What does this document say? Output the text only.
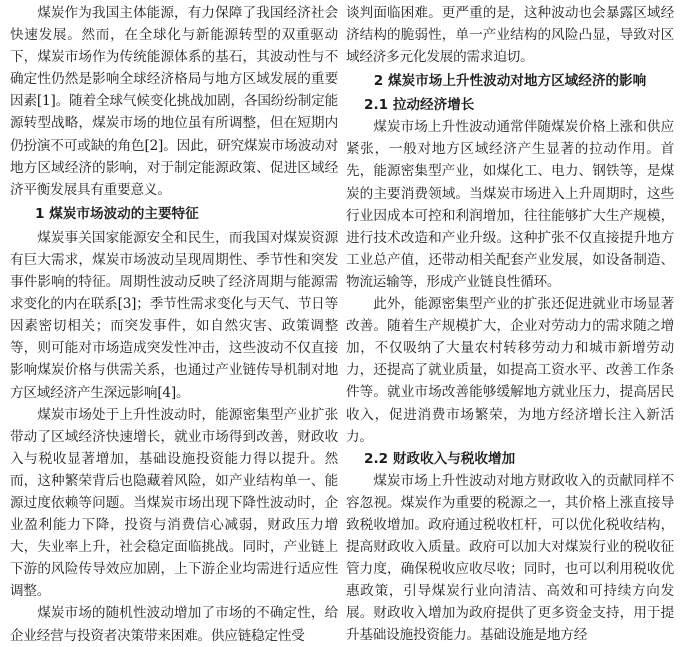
煤炭作为我国主体能源，有力保障了我国经济社会快速发展。然而，在全球化与新能源转型的双重驱动下，煤炭市场作为传统能源体系的基石，其波动性与不确定性仍然是影响全球经济格局与地方区域发展的重要因素[1]。随着全球气候变化挑战加剧，各国纷纷制定能源转型战略，煤炭市场的地位虽有所调整，但在短期内仍扮演不可或缺的角色[2]。因此，研究煤炭市场波动对地方区域经济的影响，对于制定能源政策、促进区域经济平衡发展具有重要意义。

1 煤炭市场波动的主要特征

煤炭事关国家能源安全和民生，而我国对煤炭资源有巨大需求，煤炭市场波动呈现周期性、季节性和突发事件影响的特征。周期性波动反映了经济周期与能源需求变化的内在联系[3]；季节性需求变化与天气、节日等因素密切相关；而突发事件，如自然灾害、政策调整等，则可能对市场造成突发性冲击，这些波动不仅直接影响煤炭价格与供需关系，也通过产业链传导机制对地方区域经济产生深远影响[4]。

煤炭市场处于上升性波动时，能源密集型产业扩张带动了区域经济快速增长，就业市场得到改善，财政收入与税收显著增加，基础设施投资能力得以提升。然而，这种繁荣背后也隐藏着风险，如产业结构单一、能源过度依赖等问题。当煤炭市场出现下降性波动时，企业盈利能力下降，投资与消费信心减弱，财政压力增大，失业率上升，社会稳定面临挑战。同时，产业链上下游的风险传导效应加剧，上下游企业均需进行适应性调整。

煤炭市场的随机性波动增加了市场的不确定性，给企业经营与投资者决策带来困难。供应链稳定性受

谈判面临困难。更严重的是，这种波动也会暴露区域经济结构的脆弱性，单一产业结构的风险凸显，导致对区域经济多元化发展的需求迫切。

2 煤炭市场上升性波动对地方区域经济的影响
2.1 拉动经济增长

煤炭市场上升性波动通常伴随煤炭价格上涨和供应紧张，一般对地方区域经济产生显著的拉动作用。首先，能源密集型产业，如煤化工、电力、钢铁等，是煤炭的主要消费领域。当煤炭市场进入上升周期时，这些行业因成本可控和利润增加，往往能够扩大生产规模，进行技术改造和产业升级。这种扩张不仅直接提升地方工业总产值，还带动相关配套产业发展，如设备制造、物流运输等，形成产业链良性循环。

此外，能源密集型产业的扩张还促进就业市场显著改善。随着生产规模扩大，企业对劳动力的需求随之增加，不仅吸纳了大量农村转移劳动力和城市新增劳动力，还提高了就业质量，如提高工资水平、改善工作条件等。就业市场改善能够缓解地方就业压力，提高居民收入，促进消费市场繁荣，为地方经济增长注入新活力。

2.2 财政收入与税收增加

煤炭市场上升性波动对地方财政收入的贡献同样不容忽视。煤炭作为重要的税源之一，其价格上涨直接导致税收增加。政府通过税收杠杆，可以优化税收结构，提高财政收入质量。政府可以加大对煤炭行业的税收征管力度，确保税收应收尽收；同时，也可以利用税收优惠政策，引导煤炭行业向清洁、高效和可持续方向发展。财政收入增加为政府提供了更多资金支持，用于提升基础设施投资能力。基础设施是地方经
